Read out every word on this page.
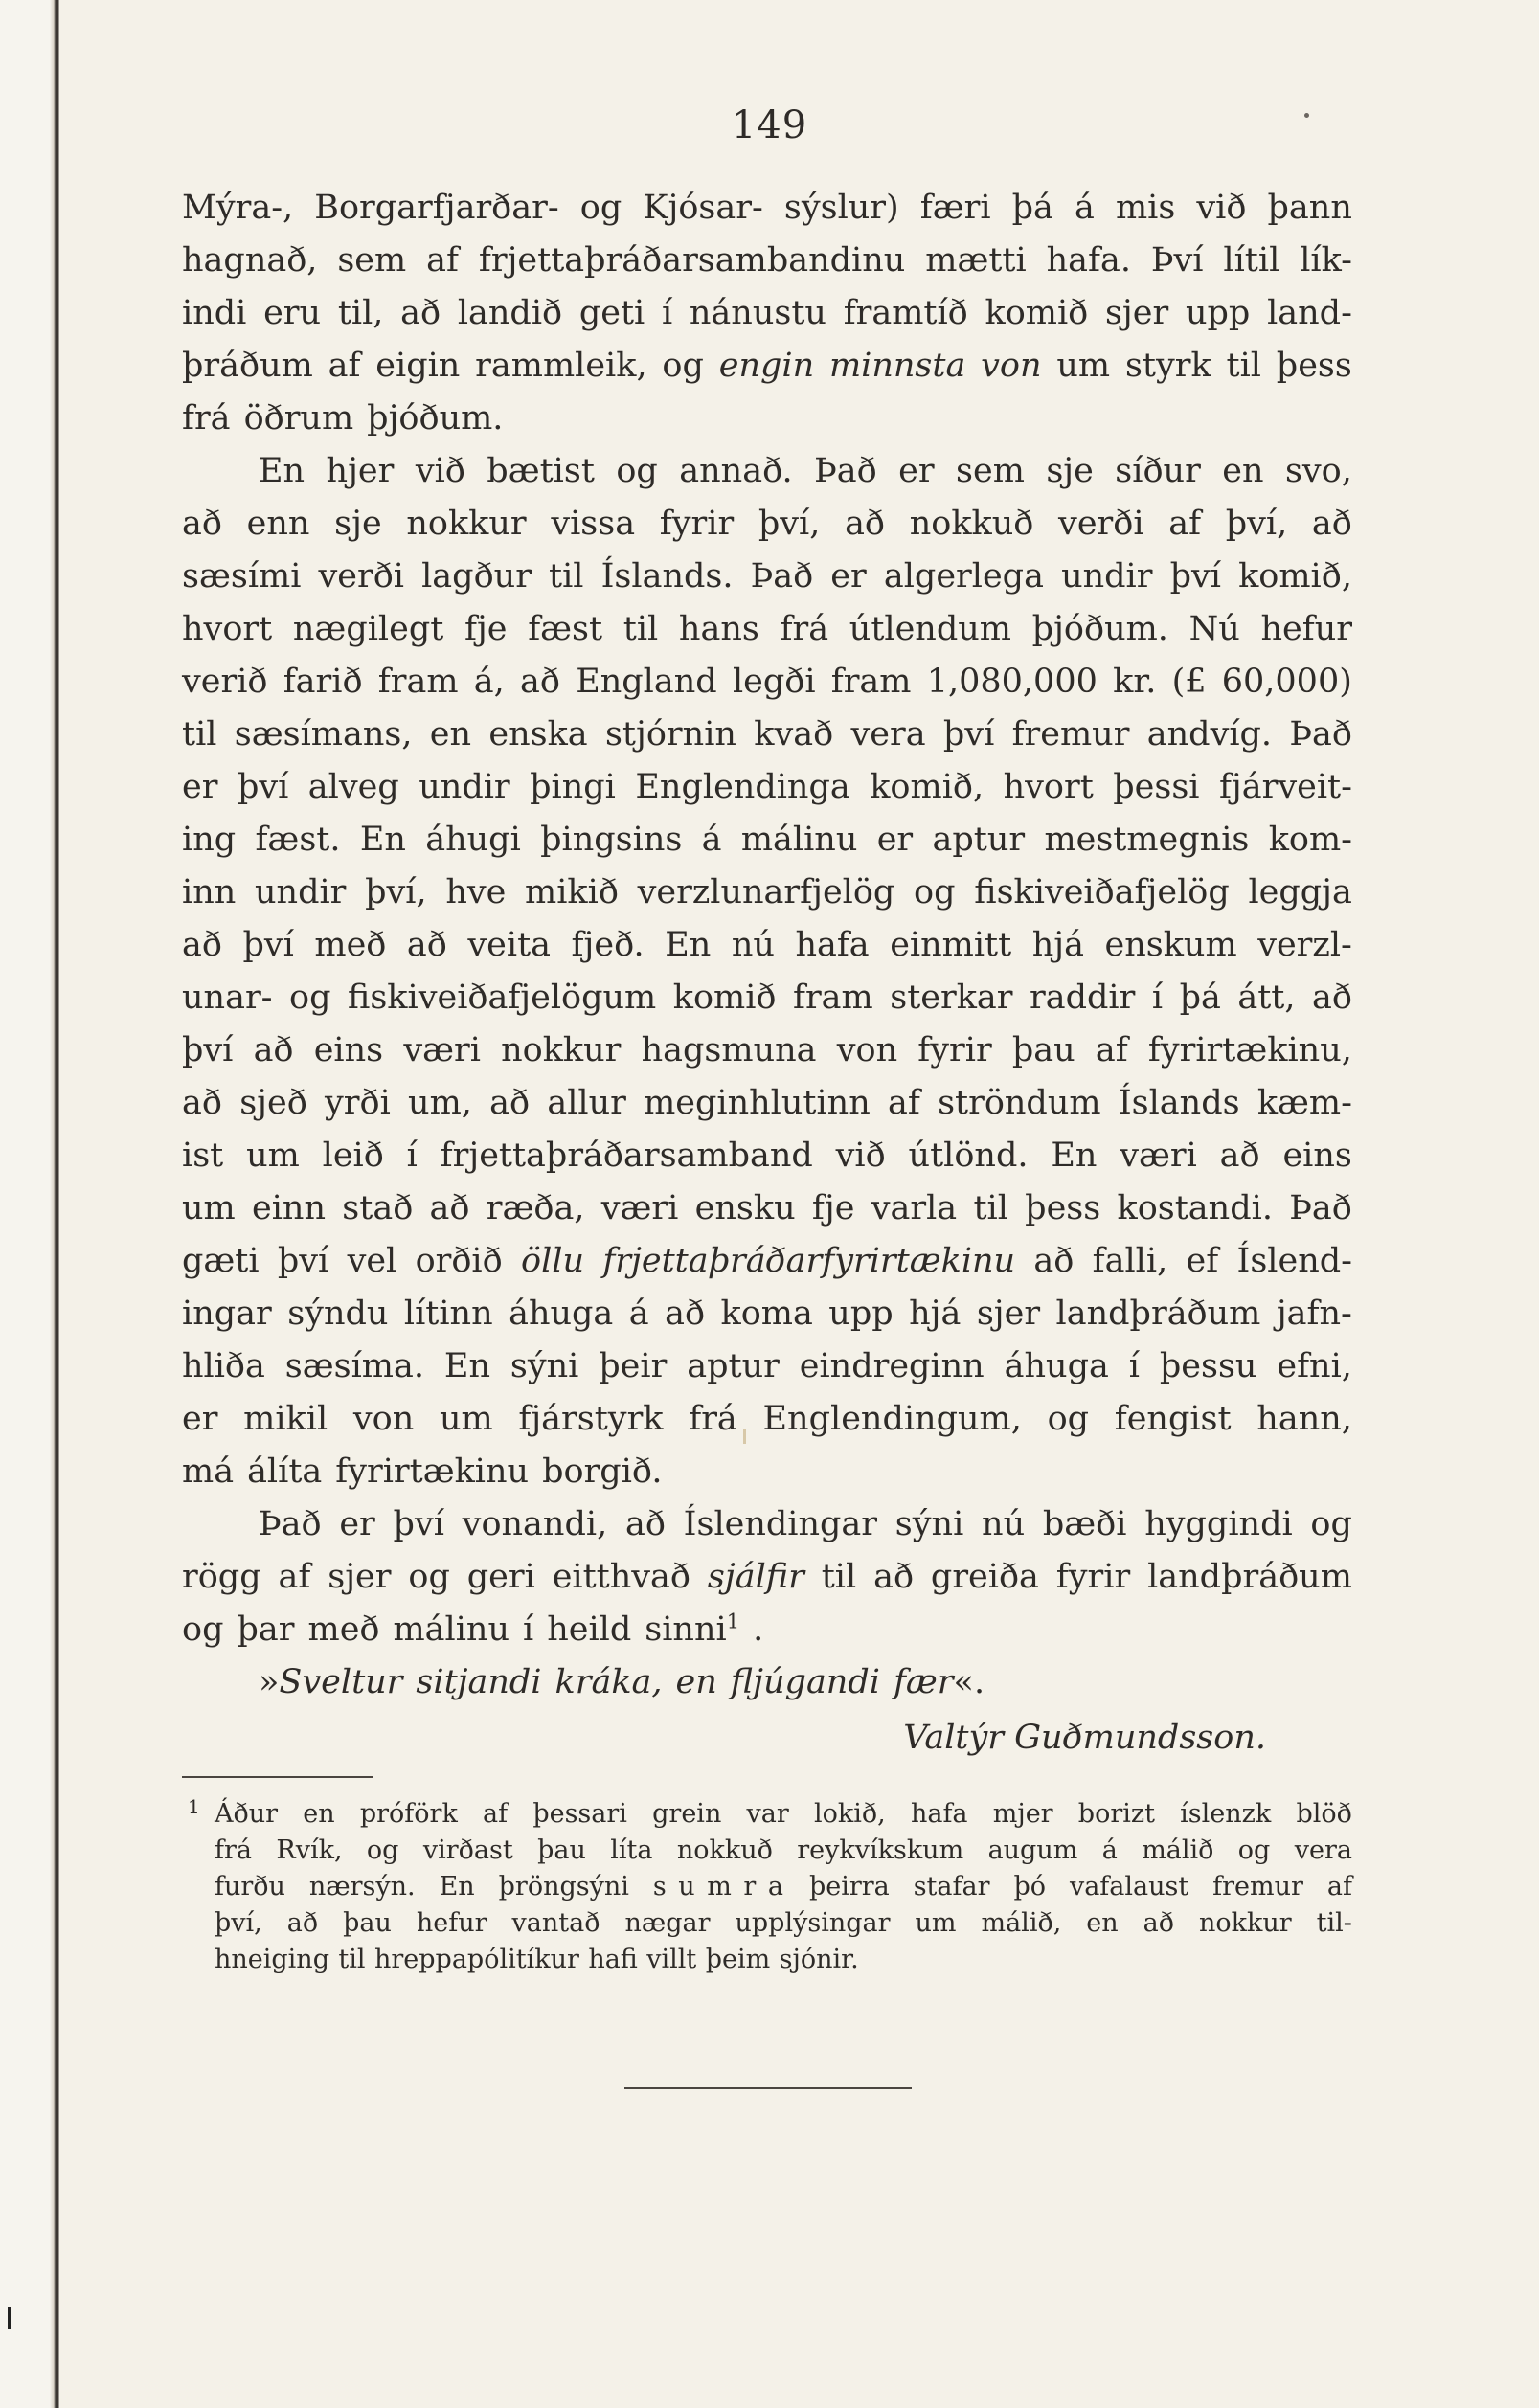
149
Mýra-, Borgarfjarðar- og Kjósar- sýslur) færi þá á mis við þann
hagnað, sem af frjettaþráðarsambandinu mætti hafa. Því lítil lík-
indi eru til, að landið geti í nánustu framtíð komið sjer upp land-
þráðum af eigin rammleik, og engin minnsta von um styrk til þess
frá öðrum þjóðum.
En hjer við bætist og annað. Það er sem sje síður en svo,
að enn sje nokkur vissa fyrir því, að nokkuð verði af því, að
sæsími verði lagður til Íslands. Það er algerlega undir því komið,
hvort nægilegt fje fæst til hans frá útlendum þjóðum. Nú hefur
verið farið fram á, að England legði fram 1,080,000 kr. (£ 60,000)
til sæsímans, en enska stjórnin kvað vera því fremur andvíg. Það
er því alveg undir þingi Englendinga komið, hvort þessi fjárveit-
ing fæst. En áhugi þingsins á málinu er aptur mestmegnis kom-
inn undir því, hve mikið verzlunarfjelög og fiskiveiðafjelög leggja
að því með að veita fjeð. En nú hafa einmitt hjá enskum verzl-
unar- og fiskiveiðafjelögum komið fram sterkar raddir í þá átt, að
því að eins væri nokkur hagsmuna von fyrir þau af fyrirtækinu,
að sjeð yrði um, að allur meginhlutinn af ströndum Íslands kæm-
ist um leið í frjettaþráðarsamband við útlönd. En væri að eins
um einn stað að ræða, væri ensku fje varla til þess kostandi. Það
gæti því vel orðið öllu frjettaþráðarfyrirtækinu að falli, ef Íslend-
ingar sýndu lítinn áhuga á að koma upp hjá sjer landþráðum jafn-
hliða sæsíma. En sýni þeir aptur eindreginn áhuga í þessu efni,
er mikil von um fjárstyrk frá Englendingum, og fengist hann,
má álíta fyrirtækinu borgið.
Það er því vonandi, að Íslendingar sýni nú bæði hyggindi og
rögg af sjer og geri eitthvað sjálfir til að greiða fyrir landþráðum
og þar með málinu í heild sinni$^1$ .
»Sveltur sitjandi kráka, en fljúgandi fær«.
Valtýr Guðmundsson.
1 Áður en próförk af þessari grein var lokið, hafa mjer borizt íslenzk blöð
frá Rvík, og virðast þau líta nokkuð reykvíkskum augum á málið og vera
furðu nærsýn. En þröngsýni s u m r a þeirra stafar þó vafalaust fremur af
því, að þau hefur vantað nægar upplýsingar um málið, en að nokkur til-
hneiging til hreppapólitíkur hafi villt þeim sjónir.
